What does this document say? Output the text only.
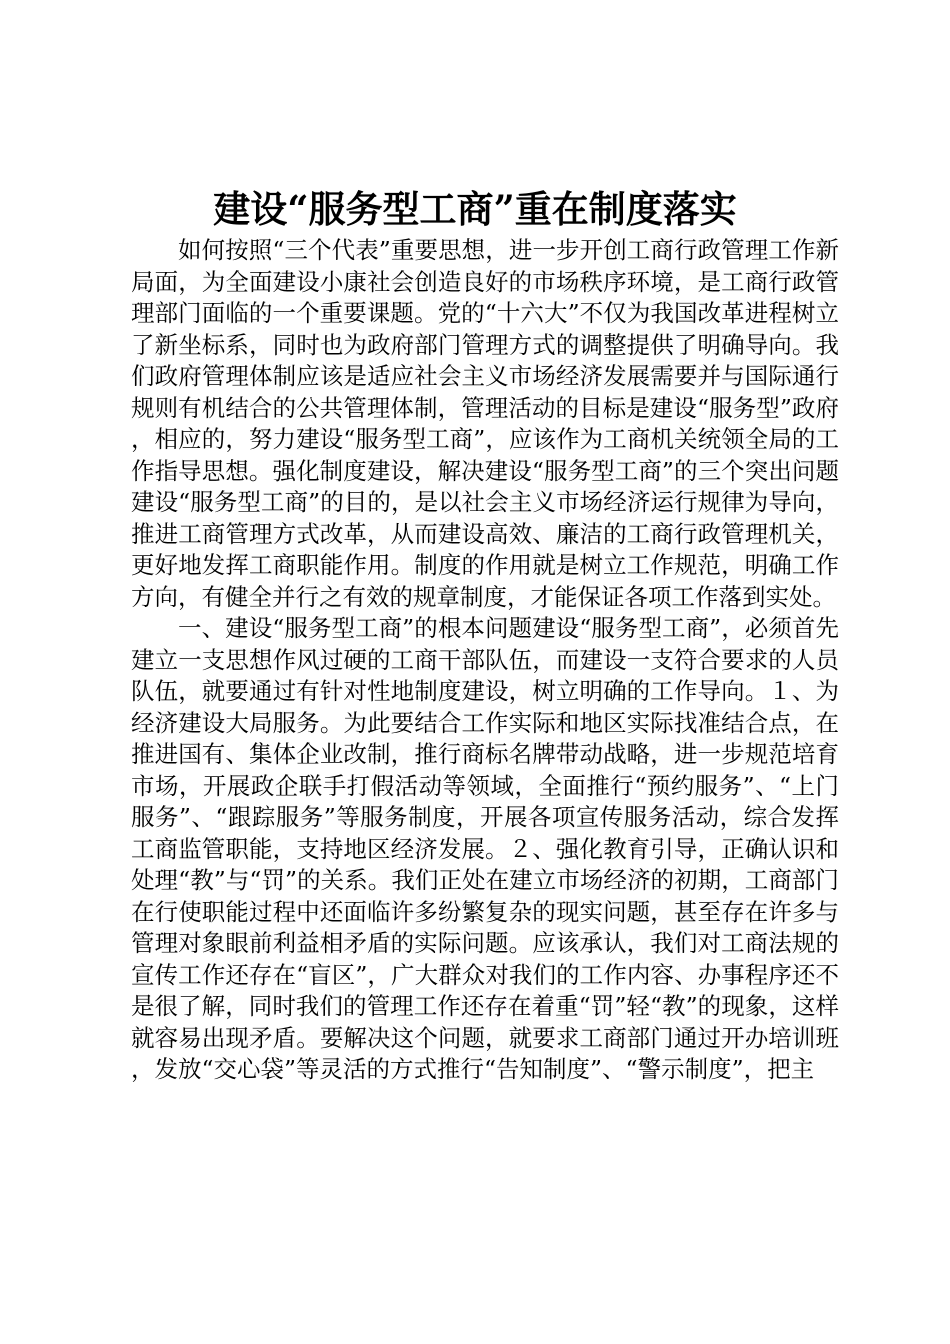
建设“服务型工商”重在制度落实

如何按照“三个代表”重要思想，进一步开创工商行政管理工作新局面，为全面建设小康社会创造良好的市场秩序环境，是工商行政管理部门面临的一个重要课题。党的“十六大”不仅为我国改革进程树立了新坐标系，同时也为政府部门管理方式的调整提供了明确导向。我们政府管理体制应该是适应社会主义市场经济发展需要并与国际通行规则有机结合的公共管理体制，管理活动的目标是建设“服务型”政府，相应的，努力建设“服务型工商”，应该作为工商机关统领全局的工作指导思想。强化制度建设，解决建设“服务型工商”的三个突出问题建设“服务型工商”的目的，是以社会主义市场经济运行规律为导向，推进工商管理方式改革，从而建设高效、廉洁的工商行政管理机关，更好地发挥工商职能作用。制度的作用就是树立工作规范，明确工作方向，有健全并行之有效的规章制度，才能保证各项工作落到实处。

一、建设“服务型工商”的根本问题建设“服务型工商”，必须首先建立一支思想作风过硬的工商干部队伍，而建设一支符合要求的人员队伍，就要通过有针对性地制度建设，树立明确的工作导向。１、为经济建设大局服务。为此要结合工作实际和地区实际找准结合点，在推进国有、集体企业改制，推行商标名牌带动战略，进一步规范培育市场，开展政企联手打假活动等领域，全面推行“预约服务”、“上门服务”、“跟踪服务”等服务制度，开展各项宣传服务活动，综合发挥工商监管职能，支持地区经济发展。２、强化教育引导，正确认识和处理“教”与“罚”的关系。我们正处在建立市场经济的初期，工商部门在行使职能过程中还面临许多纷繁复杂的现实问题，甚至存在许多与管理对象眼前利益相矛盾的实际问题。应该承认，我们对工商法规的宣传工作还存在“盲区”，广大群众对我们的工作内容、办事程序还不是很了解，同时我们的管理工作还存在着重“罚”轻“教”的现象，这样就容易出现矛盾。要解决这个问题，就要求工商部门通过开办培训班，发放“交心袋”等灵活的方式推行“告知制度”、“警示制度”，把主
